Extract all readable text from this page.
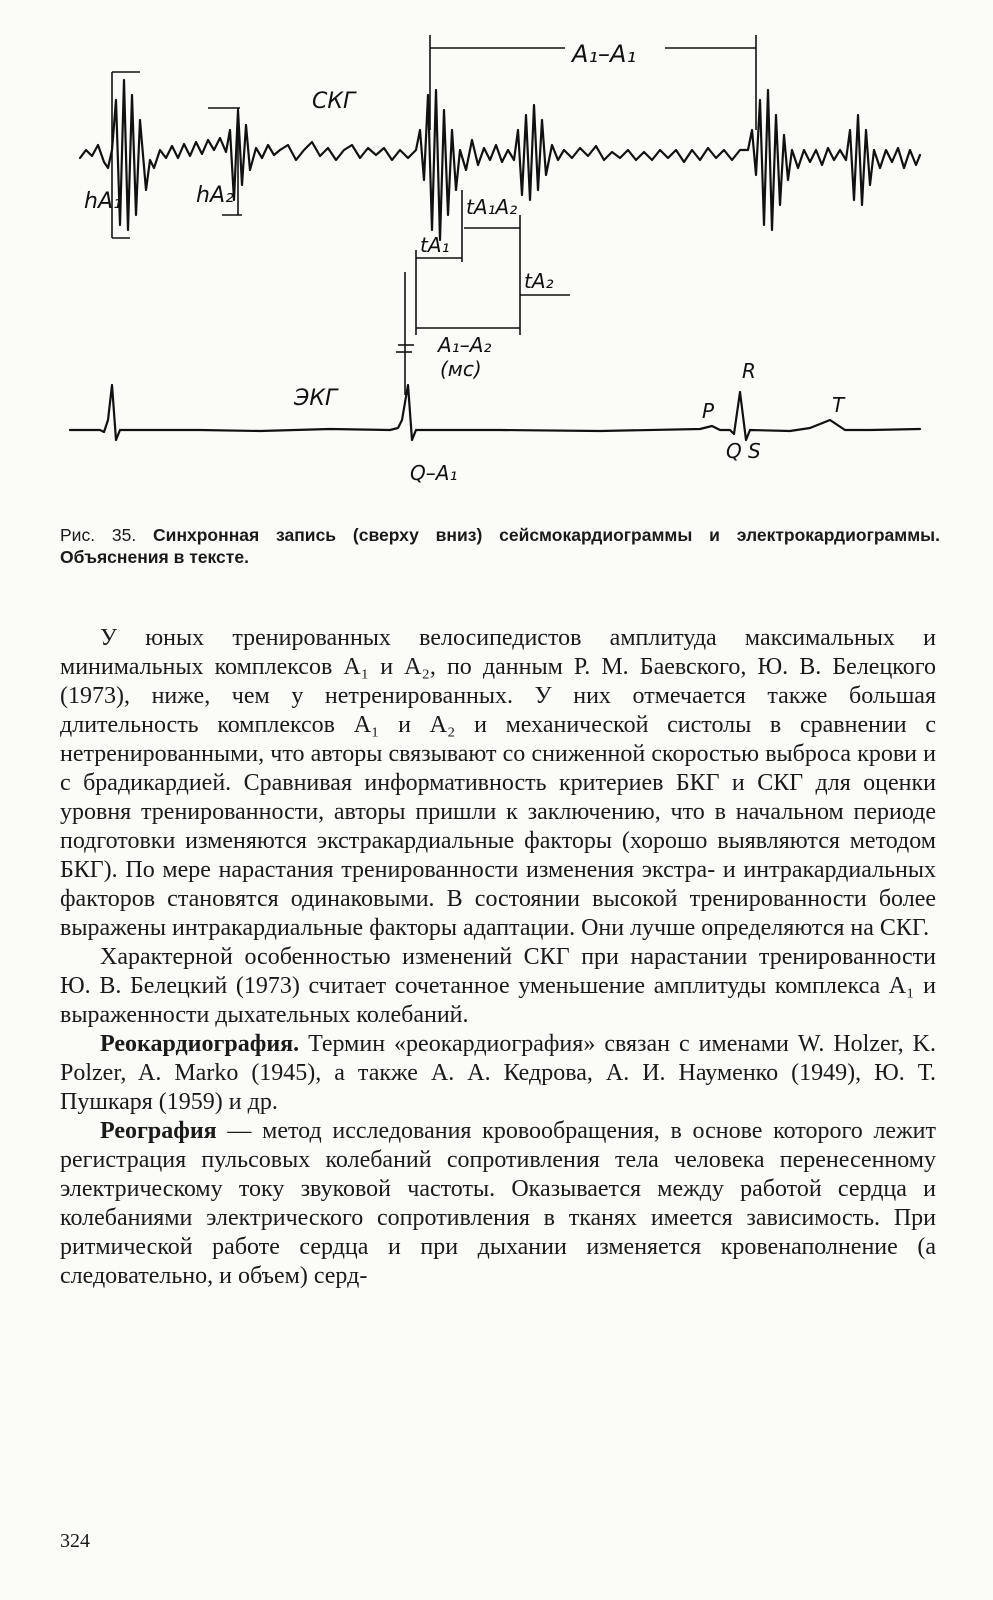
A₁–A₁
СКГ
hA₁	hA₂	tA₁A₂
tA₁
tA₂
A₁–A₂
(мс)
ЭКГ	P
R
T
Q S
Q–A₁
Рис. 35. Синхронная запись (сверху вниз) сейсмокардиограммы и электрокардиограммы. Объяснения в тексте.

У юных тренированных велосипедистов амплитуда максимальных и минимальных комплексов A₁ и A₂, по данным Р. М. Баевского, Ю. В. Белецкого (1973), ниже, чем у нетренированных. У них отмечается также большая длительность комплексов A₁ и A₂ и механической систолы в сравнении с нетренированными, что авторы связывают со сниженной скоростью выброса крови и с брадикардией. Сравнивая информативность критериев БКГ и СКГ для оценки уровня тренированности, авторы пришли к заключению, что в начальном периоде подготовки изменяются экстракардиальные факторы (хорошо выявляются методом БКГ). По мере нарастания тренированности изменения экстра- и интракардиальных факторов становятся одинаковыми. В состоянии высокой тренированности более выражены интракардиальные факторы адаптации. Они лучше определяются на СКГ.

Характерной особенностью изменений СКГ при нарастании тренированности Ю. В. Белецкий (1973) считает сочетанное уменьшение амплитуды комплекса A₁ и выраженности дыхательных колебаний.

Реокардиография. Термин «реокардиография» связан с именами W. Holzer, K. Polzer, A. Marko (1945), а также А. А. Кедрова, А. И. Науменко (1949), Ю. Т. Пушкаря (1959) и др.

Реография — метод исследования кровообращения, в основе которого лежит регистрация пульсовых колебаний сопротивления тела человека перенесенному электрическому току звуковой частоты. Оказывается между работой сердца и колебаниями электрического сопротивления в тканях имеется зависимость. При ритмической работе сердца и при дыхании изменяется кровенаполнение (а следовательно, и объем) серд-

324
